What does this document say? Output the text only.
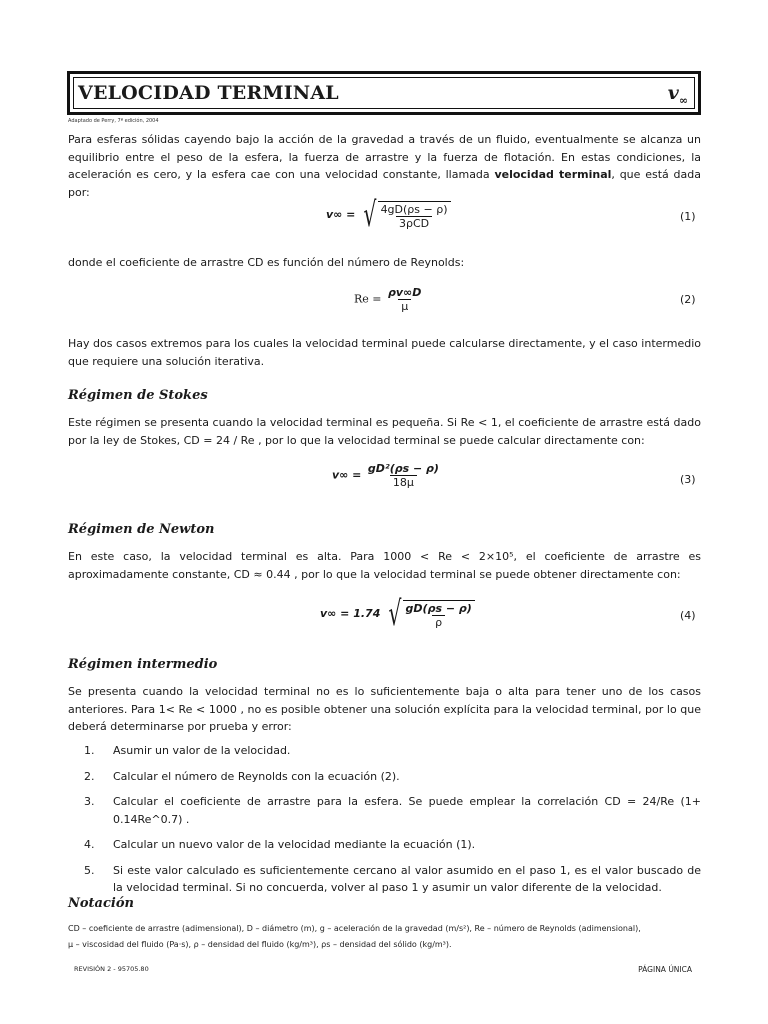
VELOCIDAD TERMINAL	$v_\infty$
Adaptado de Perry, 7ª edición, 2004

Para esferas sólidas cayendo bajo la acción de la gravedad a través de un fluido, eventualmente se alcanza un equilibrio entre el peso de la esfera, la fuerza de arrastre y la fuerza de flotación. En estas condiciones, la aceleración es cero, y la esfera cae con una velocidad constante, llamada velocidad terminal, que está dada por:

v∞ = √ $\frac{4gD(\rho s - \rho)}{\text{3ρCD}}$	(1)

donde el coeficiente de arrastre CD es función del número de Reynolds:

$Re = \frac{\rho v\infty D}{\mu}$	(2)

Hay dos casos extremos para los cuales la velocidad terminal puede calcularse directamente, y el caso intermedio que requiere una solución iterativa.

Régimen de Stokes

Este régimen se presenta cuando la velocidad terminal es pequeña. Si Re < 1, el coeficiente de arrastre está dado por la ley de Stokes, CD = 24 / Re , por lo que la velocidad terminal se puede calcular directamente con:

$v\infty = \frac{\text{gD²(ρs − ρ)}}{18\mu}$	(3)
Régimen de Newton

En este caso, la velocidad terminal es alta. Para 1000 < Re < 2×10⁵, el coeficiente de arrastre es aproximadamente constante, CD ≈ 0.44 , por lo que la velocidad terminal se puede obtener directamente con:

v∞ = 1.74 √ $\frac{gD(\rho s - \rho)}{\rho}$	(4)
Régimen intermedio

Se presenta cuando la velocidad terminal no es lo suficientemente baja o alta para tener uno de los casos anteriores. Para 1< Re < 1000 , no es posible obtener una solución explícita para la velocidad terminal, por lo que deberá determinarse por prueba y error:

1. Asumir un valor de la velocidad.
2. Calcular el número de Reynolds con la ecuación (2).
3. Calcular el coeficiente de arrastre para la esfera. Se puede emplear la correlación CD = 24/Re (1+ 0.14Re^0.7) .
4. Calcular un nuevo valor de la velocidad mediante la ecuación (1).
5. Si este valor calculado es suficientemente cercano al valor asumido en el paso 1, es el valor buscado de la velocidad terminal. Si no concuerda, volver al paso 1 y asumir un valor diferente de la velocidad.
Notación
CD – coeficiente de arrastre (adimensional), D – diámetro (m), g – aceleración de la gravedad (m/s²), Re – número de Reynolds (adimensional),
μ – viscosidad del fluido (Pa·s), ρ – densidad del fluido (kg/m³), ρs – densidad del sólido (kg/m³).
REVISIÓN 2 - 95705.80	PÁGINA ÚNICA
